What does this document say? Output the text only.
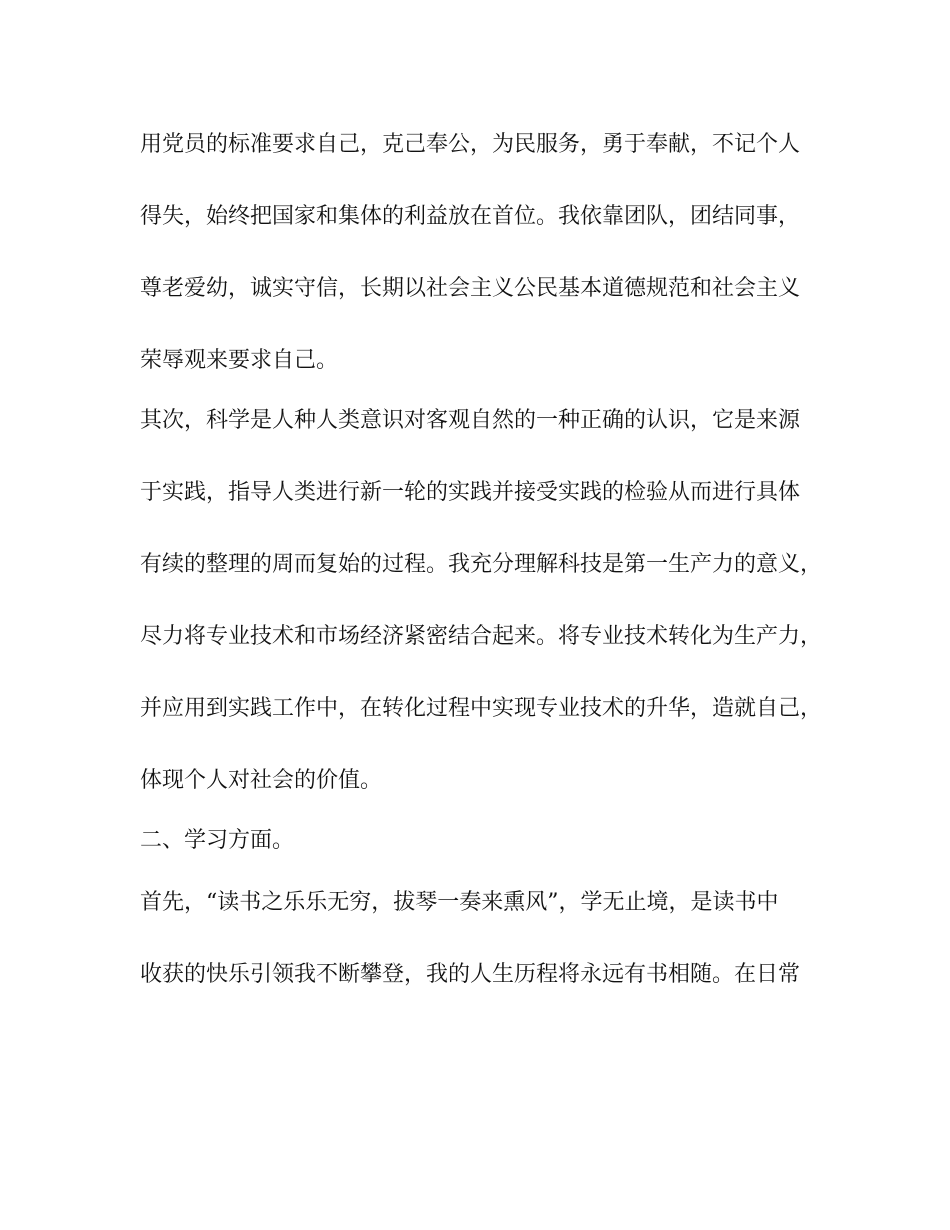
用党员的标准要求自己，克己奉公，为民服务，勇于奉献，不记个人
得失，始终把国家和集体的利益放在首位。我依靠团队，团结同事，
尊老爱幼，诚实守信，长期以社会主义公民基本道德规范和社会主义
荣辱观来要求自己。
其次，科学是人种人类意识对客观自然的一种正确的认识，它是来源
于实践，指导人类进行新一轮的实践并接受实践的检验从而进行具体
有续的整理的周而复始的过程。我充分理解科技是第一生产力的意义，
尽力将专业技术和市场经济紧密结合起来。将专业技术转化为生产力，
并应用到实践工作中，在转化过程中实现专业技术的升华，造就自己，
体现个人对社会的价值。
二、学习方面。
首先，“读书之乐乐无穷，拔琴一奏来熏风”，学无止境，是读书中
收获的快乐引领我不断攀登，我的人生历程将永远有书相随。在日常
